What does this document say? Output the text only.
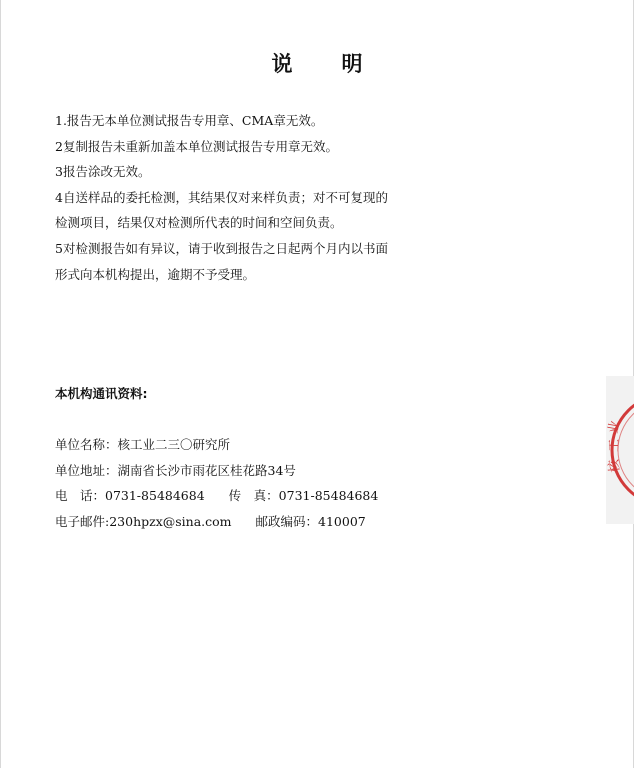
说　明
1.报告无本单位测试报告专用章、CMA章无效。
2复制报告未重新加盖本单位测试报告专用章无效。
3报告涂改无效。
4自送样品的委托检测，其结果仅对来样负责；对不可复现的
检测项目，结果仅对检测所代表的时间和空间负责。
5对检测报告如有异议，请于收到报告之日起两个月内以书面
形式向本机构提出，逾期不予受理。
本机构通讯资料:
单位名称：核工业二三〇研究所
单位地址：湖南省长沙市雨花区桂花路34号
电　话：0731-85484684 传　真：0731-85484684
电子邮件:230hpzx@sina.com 邮政编码：410007
业
工
核
